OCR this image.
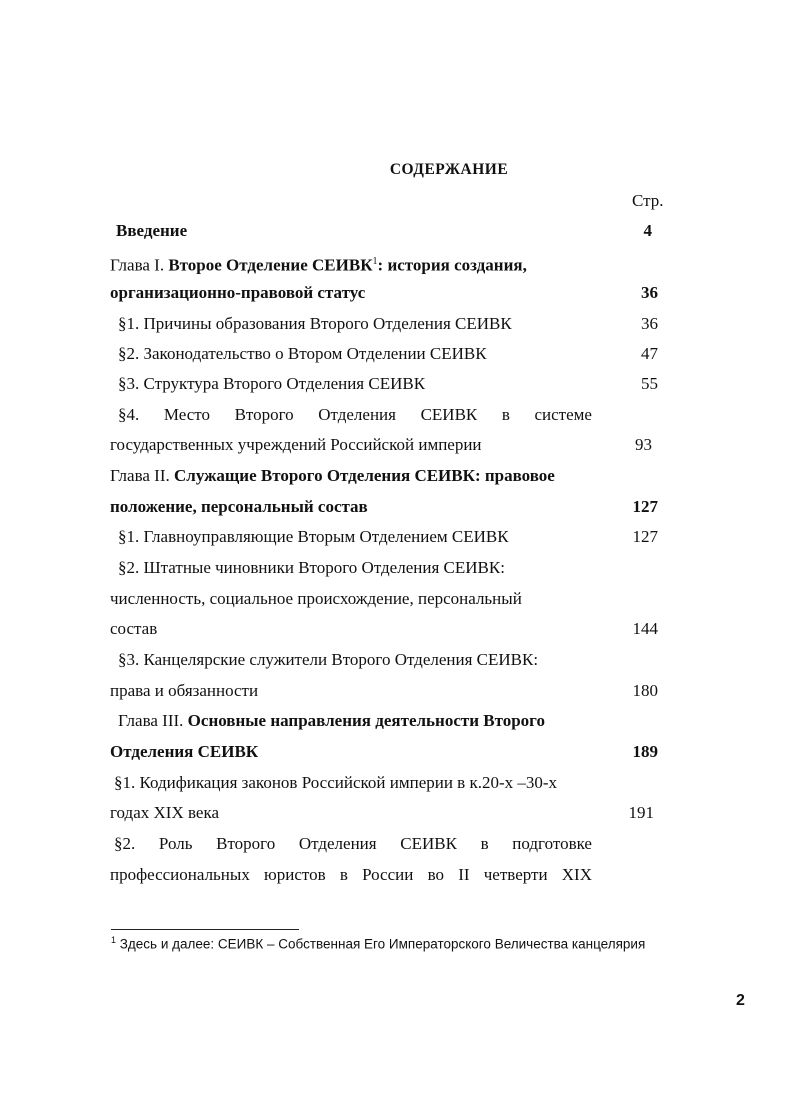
СОДЕРЖАНИЕ
Стр.
Введение	4
Глава I. Второе Отделение СЕИВК$^1$: история создания,
организационно-правовой статус	36
§1. Причины образования Второго Отделения СЕИВК	36
§2. Законодательство о Втором Отделении СЕИВК	47
§3. Структура Второго Отделения СЕИВК	55
§4. Место Второго Отделения СЕИВК в системе
государственных учреждений Российской империи	93
Глава II. Служащие Второго Отделения СЕИВК: правовое
положение, персональный состав	127
§1. Главноуправляющие Вторым Отделением СЕИВК	127
§2. Штатные чиновники Второго Отделения СЕИВК:
численность, социальное происхождение, персональный
состав	144
§3. Канцелярские служители Второго Отделения СЕИВК:
права и обязанности	180
Глава III. Основные направления деятельности Второго
Отделения СЕИВК	189
§1. Кодификация законов Российской империи в к.20-х –30-х
годах XIX века	191
§2. Роль Второго Отделения СЕИВК в подготовке
профессиональных юристов в России во II четверти XIX
$^1$ Здесь и далее: СЕИВК – Собственная Его Императорского Величества канцелярия
2
